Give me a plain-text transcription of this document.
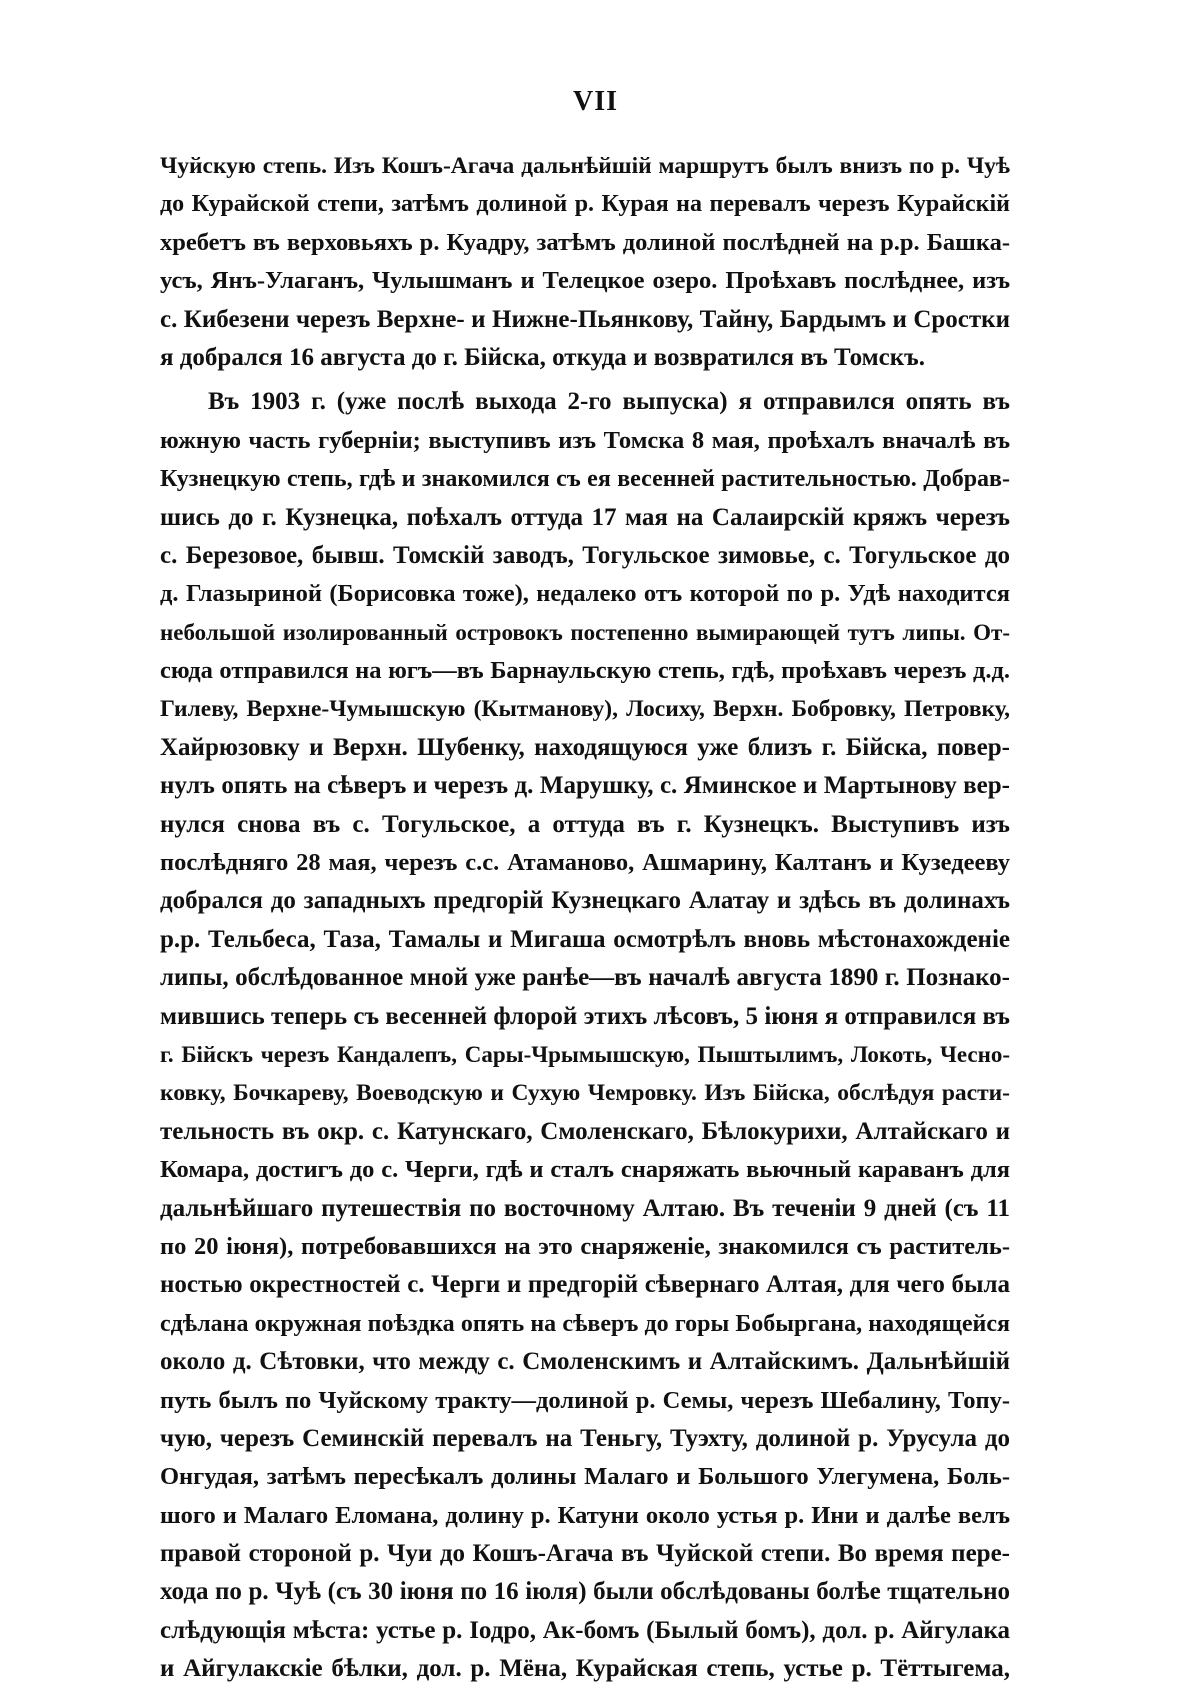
VII
Чуйскую степь. Изъ Кошъ-Агача дальнѣйшій маршрутъ былъ внизъ по р. Чуѣ
до Курайской степи, затѣмъ долиной р. Курая на перевалъ черезъ Курайскій
хребетъ въ верховьяхъ р. Куадру, затѣмъ долиной послѣдней на р.р. Башка-
усъ, Янъ-Улаганъ, Чулышманъ и Телецкое озеро. Проѣхавъ послѣднее, изъ
с. Кибезени черезъ Верхне- и Нижне-Пьянкову, Тайну, Бардымъ и Сростки
я добрался 16 августа до г. Бійска, откуда и возвратился въ Томскъ.
Въ 1903 г. (уже послѣ выхода 2-го выпуска) я отправился опять въ
южную часть губерніи; выступивъ изъ Томска 8 мая, проѣхалъ вначалѣ въ
Кузнецкую степь, гдѣ и знакомился съ ея весенней растительностью. Добрав-
шись до г. Кузнецка, поѣхалъ оттуда 17 мая на Салаирскій кряжъ черезъ
с. Березовое, бывш. Томскій заводъ, Тогульское зимовье, с. Тогульское до
д. Глазыриной (Борисовка тоже), недалеко отъ которой по р. Удѣ находится
небольшой изолированный островокъ постепенно вымирающей тутъ липы. От-
сюда отправился на югъ—въ Барнаульскую степь, гдѣ, проѣхавъ черезъ д.д.
Гилеву, Верхне-Чумышскую (Кытманову), Лосиху, Верхн. Бобровку, Петровку,
Хайрюзовку и Верхн. Шубенку, находящуюся уже близъ г. Бійска, повер-
нулъ опять на сѣверъ и черезъ д. Марушку, с. Яминское и Мартынову вер-
нулся снова въ с. Тогульское, а оттуда въ г. Кузнецкъ. Выступивъ изъ
послѣдняго 28 мая, черезъ с.с. Атаманово, Ашмарину, Калтанъ и Кузедееву
добрался до западныхъ предгорій Кузнецкаго Алатау и здѣсь въ долинахъ
р.р. Тельбеса, Таза, Тамалы и Мигаша осмотрѣлъ вновь мѣстонахожденіе
липы, обслѣдованное мной уже ранѣе—въ началѣ августа 1890 г. Познако-
мившись теперь съ весенней флорой этихъ лѣсовъ, 5 іюня я отправился въ
г. Бійскъ черезъ Кандалепъ, Сары-Чрымышскую, Пыштылимъ, Локоть, Чесно-
ковку, Бочкареву, Воеводскую и Сухую Чемровку. Изъ Бійска, обслѣдуя расти-
тельность въ окр. с. Катунскаго, Смоленскаго, Бѣлокурихи, Алтайскаго и
Комара, достигъ до с. Черги, гдѣ и сталъ снаряжать вьючный караванъ для
дальнѣйшаго путешествія по восточному Алтаю. Въ теченіи 9 дней (съ 11
по 20 іюня), потребовавшихся на это снаряженіе, знакомился съ раститель-
ностью окрестностей с. Черги и предгорій сѣвернаго Алтая, для чего была
сдѣлана окружная поѣздка опять на сѣверъ до горы Бобыргана, находящейся
около д. Сѣтовки, что между с. Смоленскимъ и Алтайскимъ. Дальнѣйшій
путь былъ по Чуйскому тракту—долиной р. Семы, черезъ Шебалину, Топу-
чую, черезъ Семинскій перевалъ на Теньгу, Туэхту, долиной р. Урусула до
Онгудая, затѣмъ пересѣкалъ долины Малаго и Большого Улегумена, Боль-
шого и Малаго Еломана, долину р. Катуни около устья р. Ини и далѣе велъ
правой стороной р. Чуи до Кошъ-Агача въ Чуйской степи. Во время пере-
хода по р. Чуѣ (съ 30 іюня по 16 іюля) были обслѣдованы болѣе тщательно
слѣдующія мѣста: устье р. Іодро, Ак-бомъ (Былый бомъ), дол. р. Айгулака
и Айгулакскіе бѣлки, дол. р. Мёна, Курайская степь, устье р. Тёттыгема,
